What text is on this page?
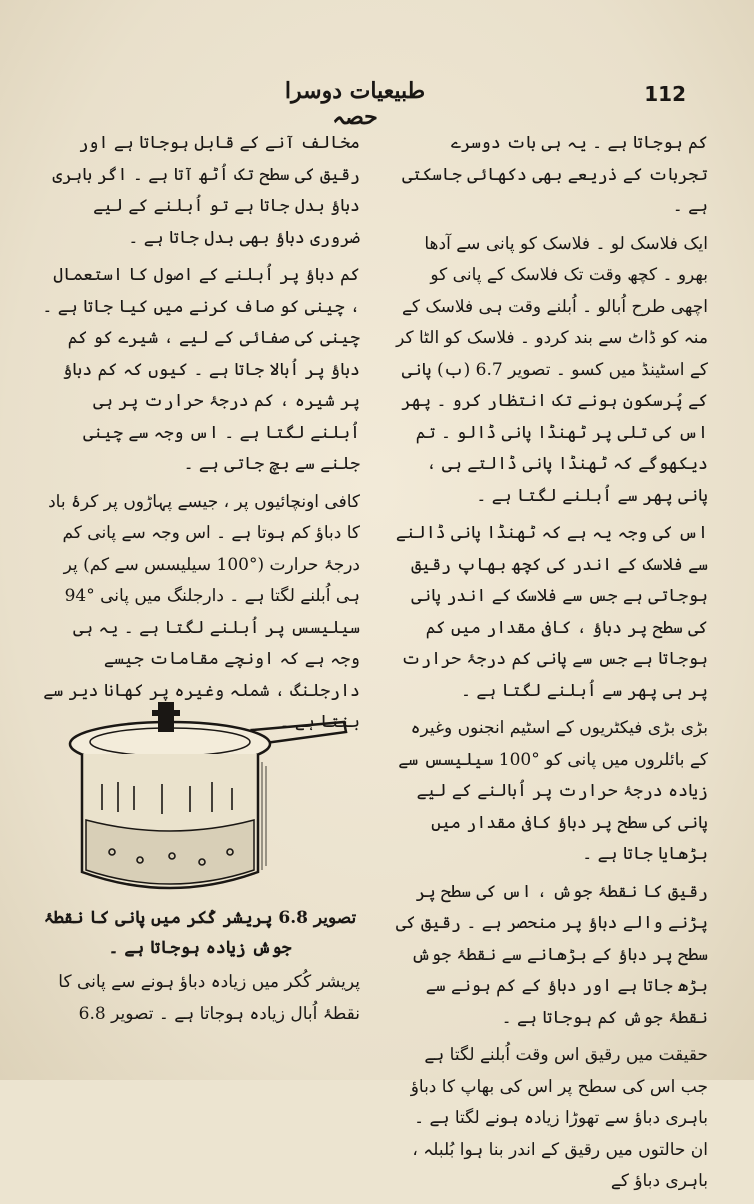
طبیعیات دوسرا حصہ
112

کم ہوجاتا ہے ۔ یہ ہی بات دوسرے تجربات کے ذریعے بھی دکھائی جاسکتی ہے ۔

ایک فلاسک لو ۔ فلاسک کو پانی سے آدھا بھرو ۔ کچھ وقت تک فلاسک کے پانی کو اچھی طرح اُبالو ۔ اُبلنے وقت ہی فلاسک کے منہ کو ڈاٹ سے بند کردو ۔ فلاسک کو الٹا کر کے اسٹینڈ میں کسو ۔ تصویر 6.7 (ب) پانی کے پُرسکون ہونے تک انتظار کرو ۔ پھر اس کی تلی پر ٹھنڈا پانی ڈالو ۔ تم دیکھوگے کہ ٹھنڈا پانی ڈالتے ہی ، پانی پھر سے اُبلنے لگتا ہے ۔

اس کی وجہ یہ ہے کہ ٹھنڈا پانی ڈالنے سے فلاسک کے اندر کی کچھ بھاپ رقیق ہوجاتی ہے جس سے فلاسک کے اندر پانی کی سطح پر دباؤ ، کافی مقدار میں کم ہوجاتا ہے جس سے پانی کم درجۂ حرارت پر ہی پھر سے اُبلنے لگتا ہے ۔

بڑی بڑی فیکٹریوں کے اسٹیم انجنوں وغیرہ کے بائلروں میں پانی کو °100 سیلیسس سے زیادہ درجۂ حرارت پر اُبالنے کے لیے پانی کی سطح پر دباؤ کافی مقدار میں بڑھایا جاتا ہے ۔

رقیق کا نقطۂ جوش ، اس کی سطح پر پڑنے والے دباؤ پر منحصر ہے ۔ رقیق کی سطح پر دباؤ کے بڑھانے سے نقطۂ جوش بڑھ جاتا ہے اور دباؤ کے کم ہونے سے نقطۂ جوش کم ہوجاتا ہے ۔

حقیقت میں رقیق اس وقت اُبلنے لگتا ہے جب اس کی سطح پر اس کی بھاپ کا دباؤ باہری دباؤ سے تھوڑا زیادہ ہونے لگتا ہے ۔ ان حالتوں میں رقیق کے اندر بنا ہوا بُلبلہ ، باہری دباؤ کے

مخالف آنے کے قابل ہوجاتا ہے اور رقیق کی سطح تک اُٹھ آتا ہے ۔ اگر باہری دباؤ بدل جاتا ہے تو اُبلنے کے لیے ضروری دباؤ بھی بدل جاتا ہے ۔

کم دباؤ پر اُبلنے کے اصول کا استعمال ، چینی کو صاف کرنے میں کیا جاتا ہے ۔ چینی کی صفائی کے لیے ، شیرے کو کم دباؤ پر اُبالا جاتا ہے ۔ کیوں کہ کم دباؤ پر شیرہ ، کم درجۂ حرارت پر ہی اُبلنے لگتا ہے ۔ اس وجہ سے چینی جلنے سے بچ جاتی ہے ۔

کافی اونچائیوں پر ، جیسے پہاڑوں پر کرۂ باد کا دباؤ کم ہوتا ہے ۔ اس وجہ سے پانی کم درجۂ حرارت (°100 سیلیسس سے کم) پر ہی اُبلنے لگتا ہے ۔ دارجلنگ میں پانی °94 سیلیسس پر اُبلنے لگتا ہے ۔ یہ ہی وجہ ہے کہ اونچے مقامات جیسے دارجلنگ ، شملہ وغیرہ پر کھانا دیر سے بنتا ہے ۔

تصویر 6.8 پریشر کُکر میں پانی کا نقطۂ جوش زیادہ ہوجاتا ہے ۔
پریشر کُکر میں زیادہ دباؤ ہونے سے پانی کا نقطۂ اُبال زیادہ ہوجاتا ہے ۔ تصویر 6.8
